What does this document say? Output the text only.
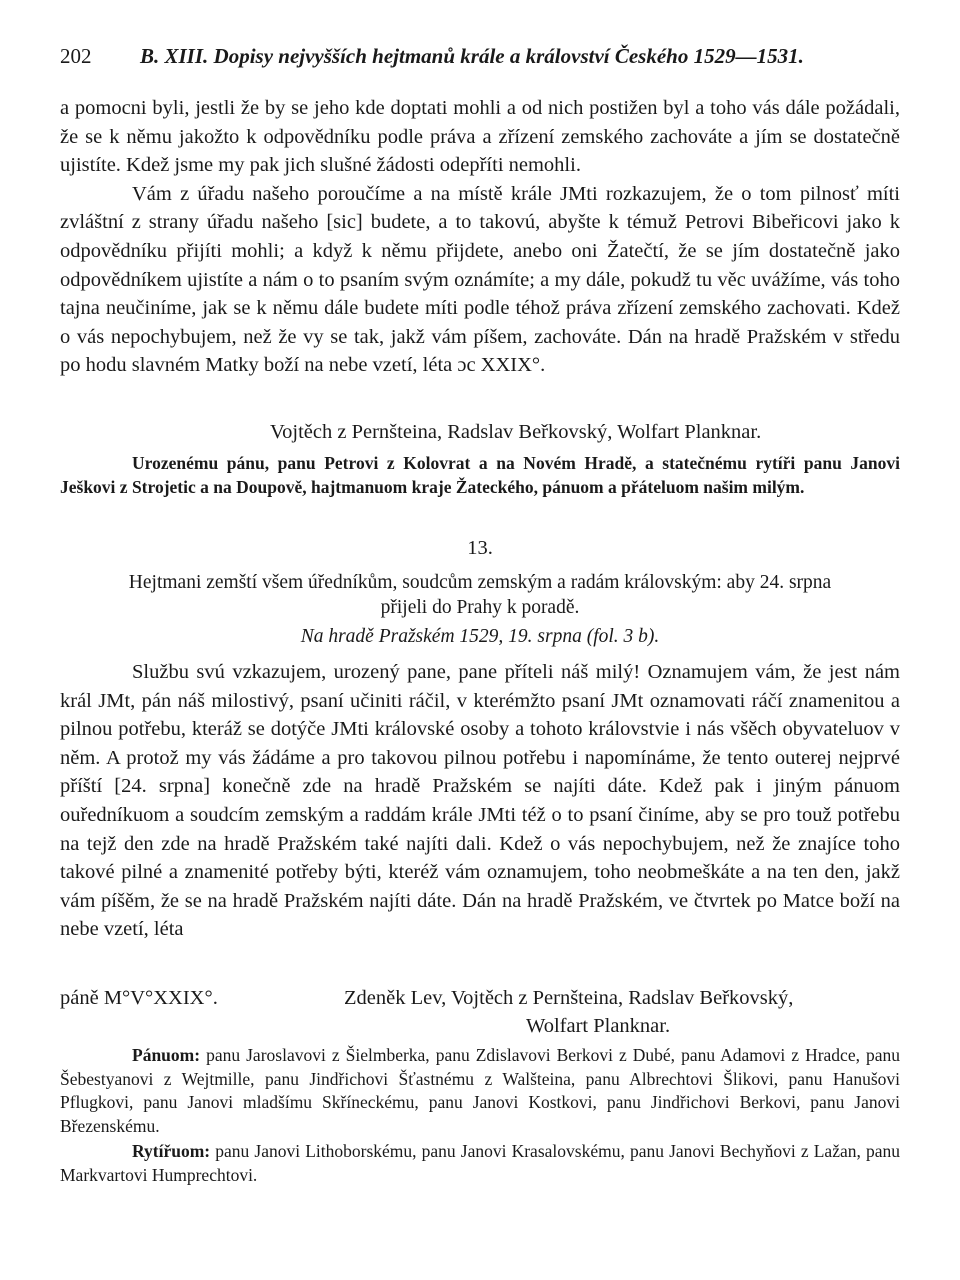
202 B. XIII. Dopisy nejvyšších hejtmanů krále a království Českého 1529—1531.

a pomocni byli, jestli že by se jeho kde doptati mohli a od nich postižen byl a toho vás dále požádali, že se k němu jakožto k odpovědníku podle práva a zřízení zemského zachováte a jím se dostatečně ujistíte. Kdež jsme my pak jich slušné žádosti odepříti nemohli.

Vám z úřadu našeho poroučíme a na místě krále JMti rozkazujem, že o tom pilnosť míti zvláštní z strany úřadu našeho [sic] budete, a to takovú, abyšte k témuž Petrovi Bibeřicovi jako k odpovědníku přijíti mohli; a když k němu přijdete, anebo oni Žatečtí, že se jím dostatečně jako odpovědníkem ujistíte a nám o to psaním svým oznámíte; a my dále, pokudž tu věc uvážíme, vás toho tajna neučiníme, jak se k němu dále budete míti podle téhož práva zřízení zemského zachovati. Kdež o vás nepochybujem, než že vy se tak, jakž vám píšem, zachováte. Dán na hradě Pražském v středu po hodu slavném Matky boží na nebe vzetí, léta ɔc XXIX°.

Vojtěch z Pernšteina, Radslav Beřkovský, Wolfart Planknar.

Urozenému pánu, panu Petrovi z Kolovrat a na Novém Hradě, a statečnému rytíři panu Janovi Ješkovi z Strojetic a na Doupově, hajtmanuom kraje Žateckého, pánuom a přáteluom našim milým.

13.
Hejtmani zemští všem úředníkům, soudcům zemským a radám královským: aby 24. srpna
přijeli do Prahy k poradě.
Na hradě Pražském 1529, 19. srpna (fol. 3 b).

Službu svú vzkazujem, urozený pane, pane příteli náš milý! Oznamujem vám, že jest nám král JMt, pán náš milostivý, psaní učiniti ráčil, v kterémžto psaní JMt oznamovati ráčí znamenitou a pilnou potřebu, kteráž se dotýče JMti královské osoby a tohoto královstvie i nás všěch obyvateluov v něm. A protož my vás žádáme a pro takovou pilnou potřebu i napomínáme, že tento outerej nejprvé příští [24. srpna] konečně zde na hradě Pražském se najíti dáte. Kdež pak i jiným pánuom ouředníkuom a soudcím zemským a raddám krále JMti též o to psaní činíme, aby se pro touž potřebu na tejž den zde na hradě Pražském také najíti dali. Kdež o vás nepochybujem, než že znajíce toho takové pilné a znamenité potřeby býti, kteréž vám oznamujem, toho neobmeškáte a na ten den, jakž vám píšěm, že se na hradě Pražském najíti dáte. Dán na hradě Pražském, ve čtvrtek po Matce boží na nebe vzetí, léta

páně M°V°XXIX°.	Zdeněk Lev, Vojtěch z Pernšteina, Radslav Beřkovský,
Wolfart Planknar.

Pánuom: panu Jaroslavovi z Šielmberka, panu Zdislavovi Berkovi z Dubé, panu Adamovi z Hradce, panu Šebestyanovi z Wejtmille, panu Jindřichovi Šťastnému z Walšteina, panu Albrechtovi Šlikovi, panu Hanušovi Pflugkovi, panu Janovi mladšímu Skříneckému, panu Janovi Kostkovi, panu Jindřichovi Berkovi, panu Janovi Březenskému.

Rytířuom: panu Janovi Lithoborskému, panu Janovi Krasalovskému, panu Janovi Bechyňovi z Lažan, panu Markvartovi Humprechtovi.
